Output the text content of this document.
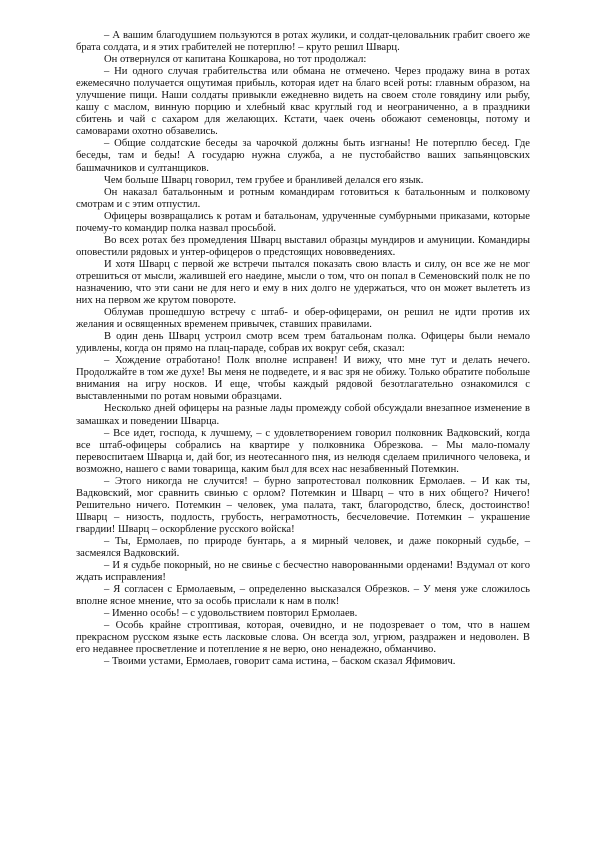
– А вашим благодушием пользуются в ротах жулики, и солдат-целовальник грабит своего же брата солдата, и я этих грабителей не потерплю! – круто решил Шварц.

Он отвернулся от капитана Кошкарова, но тот продолжал:

– Ни одного случая грабительства или обмана не отмечено. Через продажу вина в ротах ежемесячно получается ощутимая прибыль, которая идет на благо всей роты: главным образом, на улучшение пищи. Наши солдаты привыкли ежедневно видеть на своем столе говядину или рыбу, кашу с маслом, винную порцию и хлебный квас круглый год и неограниченно, а в праздники сбитень и чай с сахаром для желающих. Кстати, чаек очень обожают семеновцы, потому и самоварами охотно обзавелись.

– Общие солдатские беседы за чарочкой должны быть изгнаны! Не потерплю бесед. Где беседы, там и беды! А государю нужна служба, а не пустобайство ваших запьянцовских башмачников и султанщиков.

Чем больше Шварц говорил, тем грубее и бранливей делался его язык.

Он наказал батальонным и ротным командирам готовиться к батальонным и полковому смотрам и с этим отпустил.

Офицеры возвращались к ротам и батальонам, удрученные сумбурными приказами, которые почему-то командир полка назвал просьбой.

Во всех ротах без промедления Шварц выставил образцы мундиров и амуниции. Командиры оповестили рядовых и унтер-офицеров о предстоящих нововведениях.

И хотя Шварц с первой же встречи пытался показать свою власть и силу, он все же не мог отрешиться от мысли, жалившей его наедине, мысли о том, что он попал в Семеновский полк не по назначению, что эти сани не для него и ему в них долго не удержаться, что он может вылететь из них на первом же крутом повороте.

Облумав прошедшую встречу с штаб- и обер-офицерами, он решил не идти против их желания и освященных временем привычек, ставших правилами.

В один день Шварц устроил смотр всем трем батальонам полка. Офицеры были немало удивлены, когда он прямо на плац-параде, собрав их вокруг себя, сказал:

– Хождение отработано! Полк вполне исправен! И вижу, что мне тут и делать нечего. Продолжайте в том же духе! Вы меня не подведете, и я вас зря не обижу. Только обратите побольше внимания на игру носков. И еще, чтобы каждый рядовой безотлагательно ознакомился с выставленными по ротам новыми образцами.

Несколько дней офицеры на разные лады промежду собой обсуждали внезапное изменение в замашках и поведении Шварца.

– Все идет, господа, к лучшему, – с удовлетворением говорил полковник Вадковский, когда все штаб-офицеры собрались на квартире у полковника Обрезкова. – Мы мало-помалу перевоспитаем Шварца и, дай бог, из неотесанного пня, из нелюдя сделаем приличного человека, и возможно, нашего с вами товарища, каким был для всех нас незабвенный Потемкин.

– Этого никогда не случится! – бурно запротестовал полковник Ермолаев. – И как ты, Вадковский, мог сравнить свинью с орлом? Потемкин и Шварц – что в них общего? Ничего! Решительно ничего. Потемкин – человек, ума палата, такт, благородство, блеск, достоинство! Шварц – низость, подлость, грубость, неграмотность, бесчеловечие. Потемкин – украшение гвардии! Шварц – оскорбление русского войска!

– Ты, Ермолаев, по природе бунтарь, а я мирный человек, и даже покорный судьбе, – засмеялся Вадковский.

– И я судьбе покорный, но не свинье с бесчестно наворованными орденами! Вздумал от кого ждать исправления!

– Я согласен с Ермолаевым, – определенно высказался Обрезков. – У меня уже сложилось вполне ясное мнение, что за особь прислали к нам в полк!

– Именно особь! – с удовольствием повторил Ермолаев.

– Особь крайне строптивая, которая, очевидно, и не подозревает о том, что в нашем прекрасном русском языке есть ласковые слова. Он всегда зол, угрюм, раздражен и недоволен. В его недавнее просветление и потепление я не верю, оно ненадежно, обманчиво.

– Твоими устами, Ермолаев, говорит сама истина, – баском сказал Яфимович.
